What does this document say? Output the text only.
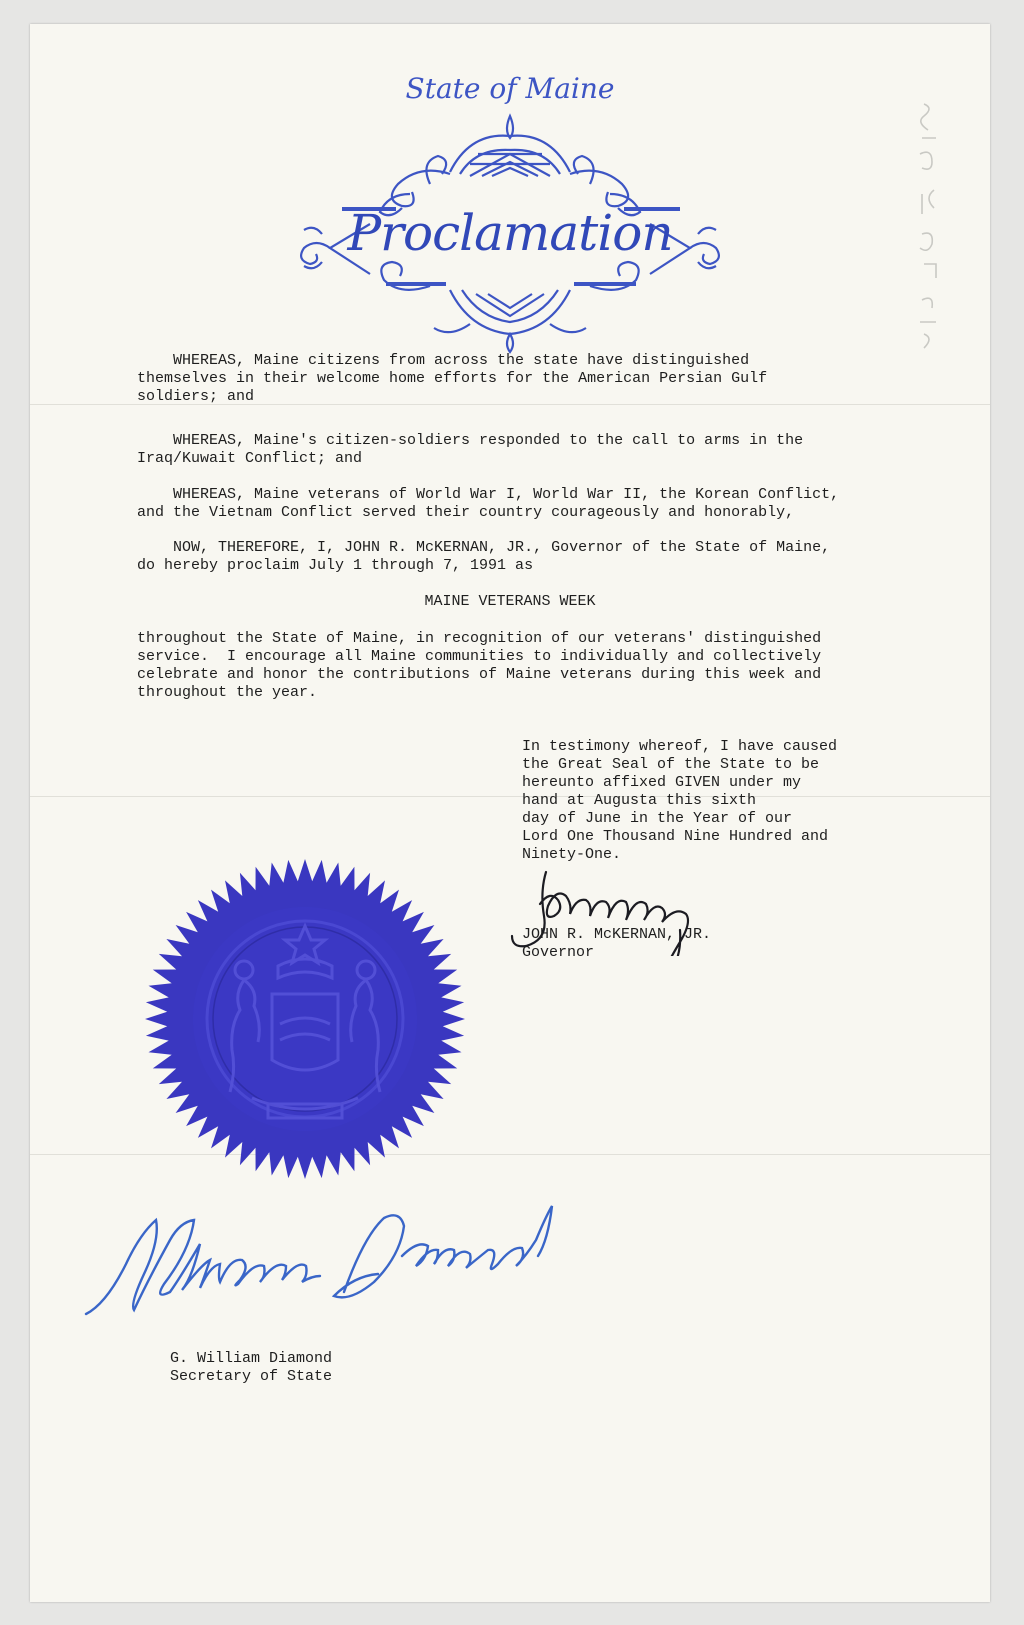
State of Maine
Proclamation
WHEREAS, Maine citizens from across the state have distinguished
themselves in their welcome home efforts for the American Persian Gulf
soldiers; and
WHEREAS, Maine's citizen-soldiers responded to the call to arms in the
Iraq/Kuwait Conflict; and
WHEREAS, Maine veterans of World War I, World War II, the Korean Conflict,
and the Vietnam Conflict served their country courageously and honorably,
NOW, THEREFORE, I, JOHN R. McKERNAN, JR., Governor of the State of Maine,
do hereby proclaim July 1 through 7, 1991 as
MAINE VETERANS WEEK
throughout the State of Maine, in recognition of our veterans' distinguished
service.  I encourage all Maine communities to individually and collectively
celebrate and honor the contributions of Maine veterans during this week and
throughout the year.
In testimony whereof, I have caused
the Great Seal of the State to be
hereunto affixed GIVEN under my
hand at Augusta this sixth
day of June in the Year of our
Lord One Thousand Nine Hundred and
Ninety-One.
JOHN R. McKERNAN, JR.
Governor
G. William Diamond
Secretary of State
